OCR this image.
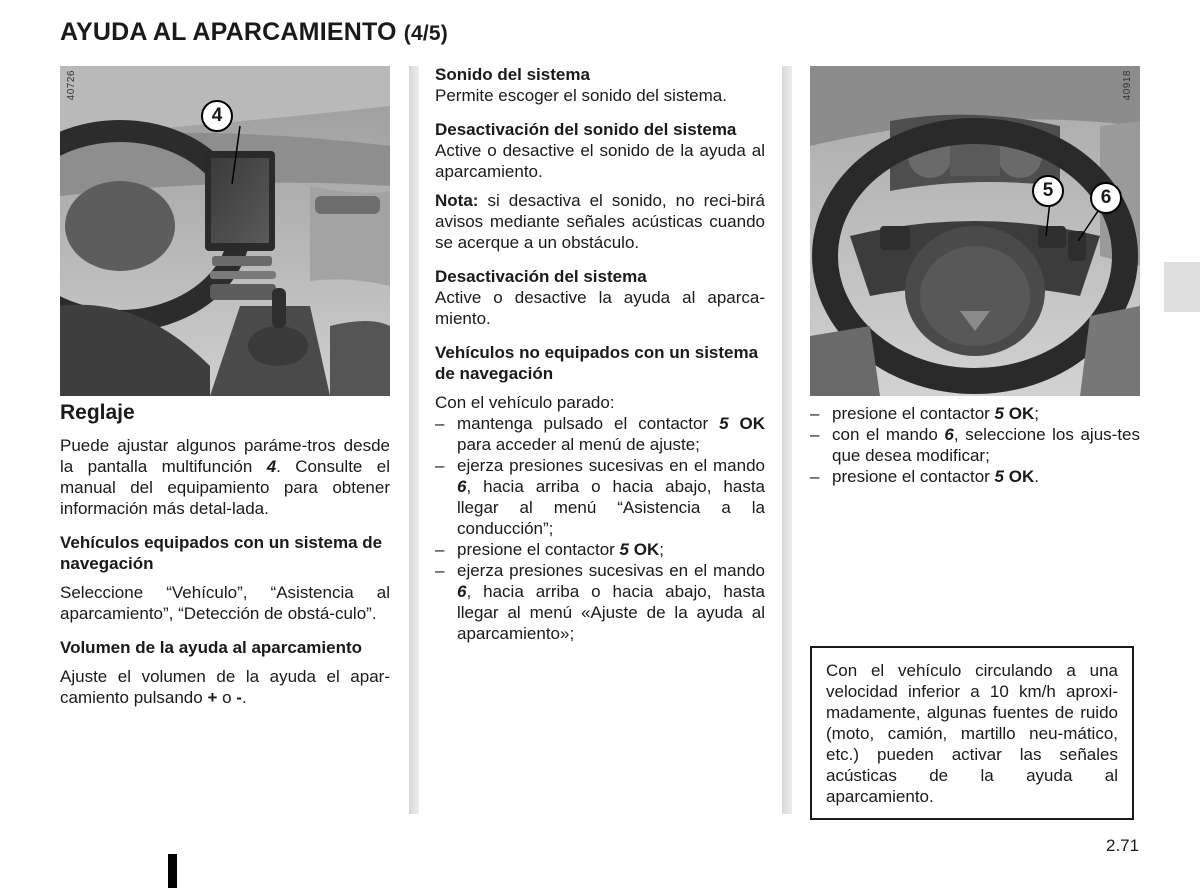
AYUDA AL APARCAMIENTO (4/5)
40726
4

Reglaje

Puede ajustar algunos paráme-tros desde la pantalla multifunción 4. Consulte el manual del equipamiento para obtener información más detal-lada.

Vehículos equipados con un sistema de navegación

Seleccione “Vehículo”, “Asistencia al aparcamiento”, “Detección de obstá-culo”.

Volumen de la ayuda al aparcamiento

Ajuste el volumen de la ayuda el apar-camiento pulsando + o -.

Sonido del sistema

Permite escoger el sonido del sistema.

Desactivación del sonido del sistema

Active o desactive el sonido de la ayuda al aparcamiento.

Nota: si desactiva el sonido, no reci-birá avisos mediante señales acústicas cuando se acerque a un obstáculo.

Desactivación del sistema

Active o desactive la ayuda al aparca-miento.

Vehículos no equipados con un sistema de navegación

Con el vehículo parado:

– mantenga pulsado el contactor 5 OK para acceder al menú de ajuste;
– ejerza presiones sucesivas en el mando 6, hacia arriba o hacia abajo, hasta llegar al menú “Asistencia a la conducción”;
– presione el contactor 5 OK;
– ejerza presiones sucesivas en el mando 6, hacia arriba o hacia abajo, hasta llegar al menú «Ajuste de la ayuda al aparcamiento»;
40918
5	6
– presione el contactor 5 OK;
– con el mando 6, seleccione los ajus-tes que desea modificar;
– presione el contactor 5 OK.
Con el vehículo circulando a una velocidad inferior a 10 km/h aproxi-madamente, algunas fuentes de ruido (moto, camión, martillo neu-mático, etc.) pueden activar las señales acústicas de la ayuda al aparcamiento.
2.71
